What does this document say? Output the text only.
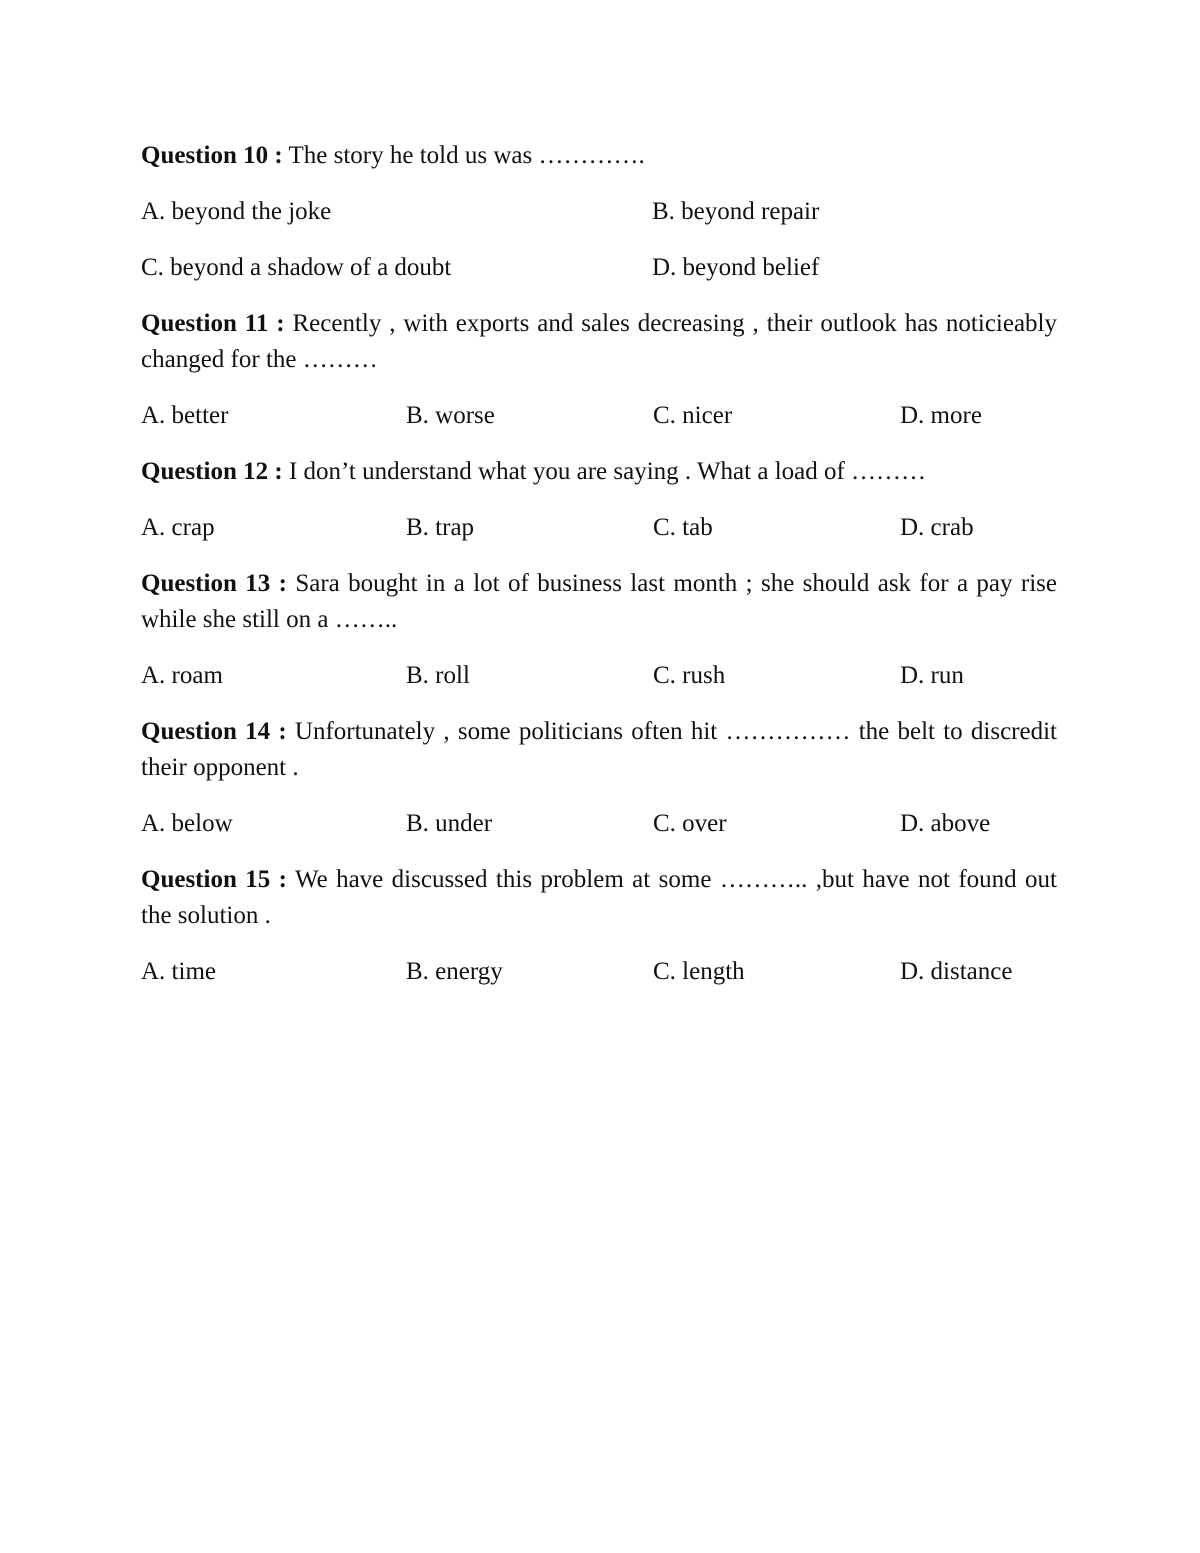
Question 10 : The story he told us was ………….

A. beyond the joke	B. beyond repair
C. beyond a shadow of a doubt	D. beyond belief

Question 11 : Recently , with exports and sales decreasing , their outlook has noticieably changed for the ………

A. better	B. worse	C. nicer	D. more

Question 12 : I don’t understand what you are saying . What a load of ………

A. crap	B. trap	C. tab	D. crab

Question 13 : Sara bought in a lot of business last month ; she should ask for a pay rise while she still on a ……..

A. roam	B. roll	C. rush	D. run

Question 14 : Unfortunately , some politicians often hit …………… the belt to discredit their opponent .

A. below	B. under	C. over	D. above

Question 15 : We have discussed this problem at some ……….. ,but have not found out the solution .

A. time	B. energy	C. length	D. distance
